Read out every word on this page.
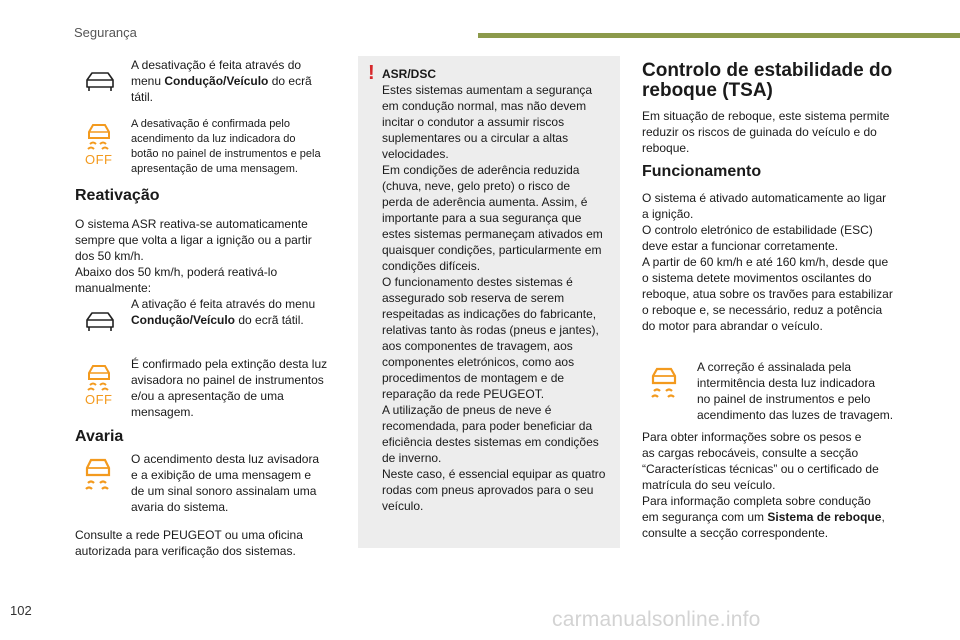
Segurança

A desativação é feita através do

menu Condução/Veículo do ecrã

tátil.

OFF

A desativação é confirmada pelo

acendimento da luz indicadora do

botão no painel de instrumentos e pela

apresentação de uma mensagem.

Reativação

O sistema ASR reativa-se automaticamente

sempre que volta a ligar a ignição ou a partir

dos 50 km/h.

Abaixo dos 50 km/h, poderá reativá-lo

manualmente:

A ativação é feita através do menu

Condução/Veículo do ecrã tátil.

OFF

É confirmado pela extinção desta luz

avisadora no painel de instrumentos

e/ou a apresentação de uma

mensagem.

Avaria

O acendimento desta luz avisadora

e a exibição de uma mensagem e

de um sinal sonoro assinalam uma

avaria do sistema.

Consulte a rede PEUGEOT ou uma oficina

autorizada para verificação dos sistemas.

! ASR/DSC

Estes sistemas aumentam a segurança

em condução normal, mas não devem

incitar o condutor a assumir riscos

suplementares ou a circular a altas

velocidades.

Em condições de aderência reduzida

(chuva, neve, gelo preto) o risco de

perda de aderência aumenta. Assim, é

importante para a sua segurança que

estes sistemas permaneçam ativados em

quaisquer condições, particularmente em

condições difíceis.

O funcionamento destes sistemas é

assegurado sob reserva de serem

respeitadas as indicações do fabricante,

relativas tanto às rodas (pneus e jantes),

aos componentes de travagem, aos

componentes eletrónicos, como aos

procedimentos de montagem e de

reparação da rede PEUGEOT.

A utilização de pneus de neve é

recomendada, para poder beneficiar da

eficiência destes sistemas em condições

de inverno.

Neste caso, é essencial equipar as quatro

rodas com pneus aprovados para o seu

veículo.

Controlo de estabilidade do
reboque (TSA)

Em situação de reboque, este sistema permite

reduzir os riscos de guinada do veículo e do

reboque.

Funcionamento

O sistema é ativado automaticamente ao ligar

a ignição.

O controlo eletrónico de estabilidade (ESC)

deve estar a funcionar corretamente.

A partir de 60 km/h e até 160 km/h, desde que

o sistema detete movimentos oscilantes do

reboque, atua sobre os travões para estabilizar

o reboque e, se necessário, reduz a potência

do motor para abrandar o veículo.

A correção é assinalada pela

intermitência desta luz indicadora

no painel de instrumentos e pelo

acendimento das luzes de travagem.

Para obter informações sobre os pesos e

as cargas rebocáveis, consulte a secção

“Características técnicas” ou o certificado de

matrícula do seu veículo.

Para informação completa sobre condução

em segurança com um Sistema de reboque,

consulte a secção correspondente.

102	carmanualsonline.info
